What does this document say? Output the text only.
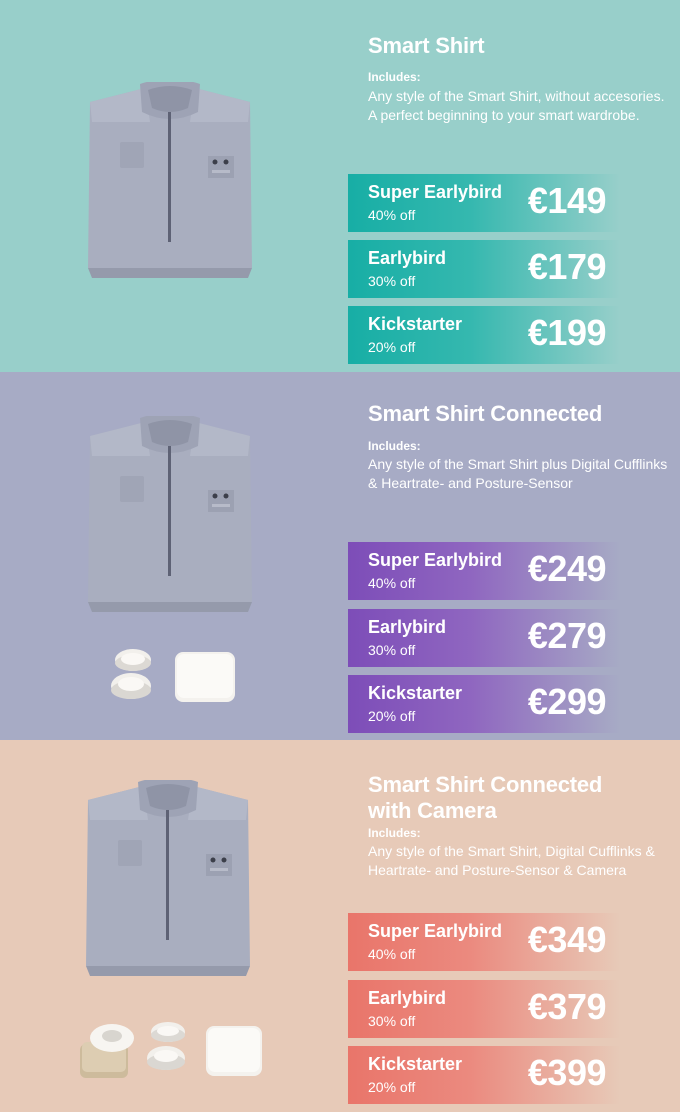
Smart Shirt
Includes:
Any style of the Smart Shirt, without accesories. A perfect beginning to your smart wardrobe.
Super Earlybird
40% off	€149
Earlybird
30% off	€179
Kickstarter
20% off	€199
Smart Shirt Connected
Includes:
Any style of the Smart Shirt plus Digital Cufflinks & Heartrate- and Posture-Sensor
Super Earlybird
40% off	€249
Earlybird
30% off	€279
Kickstarter
20% off	€299
Smart Shirt Connected
with Camera
Includes:
Any style of the Smart Shirt, Digital Cufflinks & Heartrate- and Posture-Sensor & Camera
Super Earlybird
40% off	€349
Earlybird
30% off	€379
Kickstarter
20% off	€399
